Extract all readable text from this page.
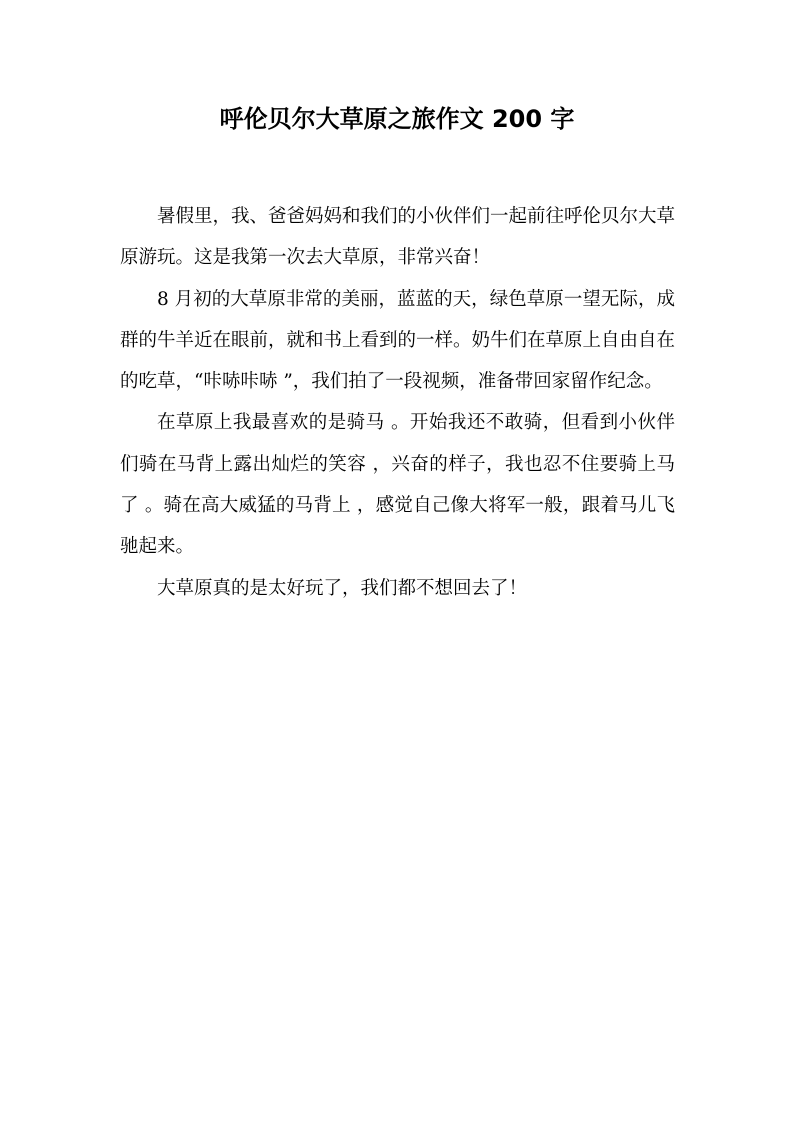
呼伦贝尔大草原之旅作文 200 字

暑假里，我、爸爸妈妈和我们的小伙伴们一起前往呼伦贝尔大草原游玩。这是我第一次去大草原，非常兴奋！

8 月初的大草原非常的美丽，蓝蓝的天，绿色草原一望无际，成群的牛羊近在眼前，就和书上看到的一样。奶牛们在草原上自由自在的吃草，“咔哧咔哧 ”，我们拍了一段视频，准备带回家留作纪念。

在草原上我最喜欢的是骑马 。开始我还不敢骑，但看到小伙伴们骑在马背上露出灿烂的笑容 ，兴奋的样子，我也忍不住要骑上马了 。骑在高大威猛的马背上 ，感觉自己像大将军一般，跟着马儿飞驰起来。

大草原真的是太好玩了，我们都不想回去了！
